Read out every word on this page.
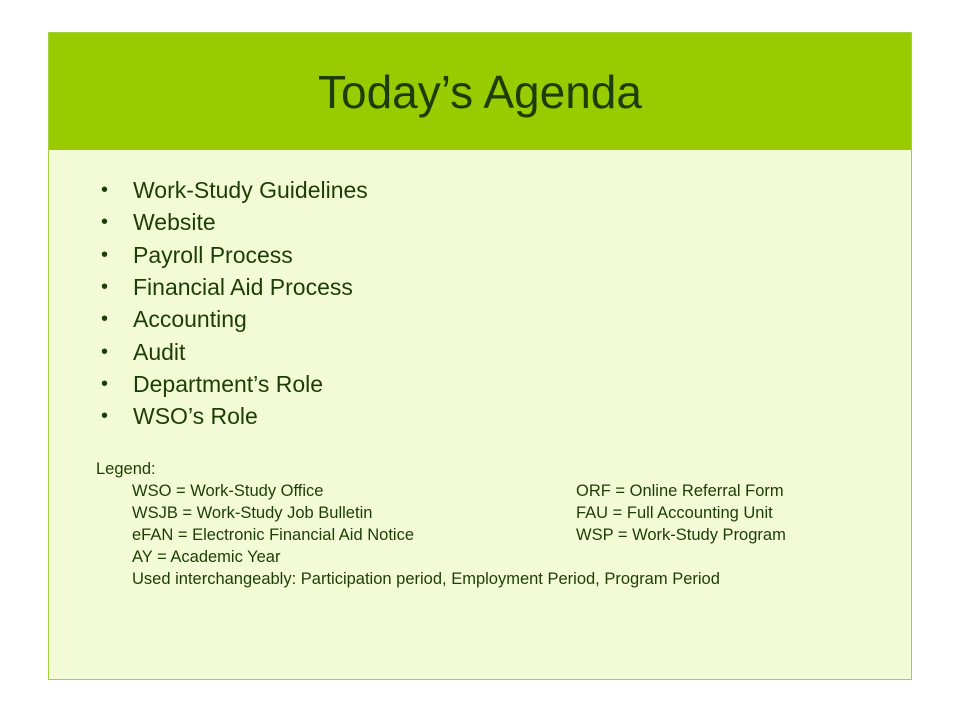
Today’s Agenda
•	Work-Study Guidelines
•	Website
•	Payroll Process
•	Financial Aid Process
•	Accounting
•	Audit
•	Department’s Role
•	WSO’s Role
Legend:
WSO = Work-Study Office	ORF = Online Referral Form
WSJB = Work-Study Job Bulletin	FAU = Full Accounting Unit
eFAN = Electronic Financial Aid Notice	WSP = Work-Study Program
AY = Academic Year
Used interchangeably: Participation period, Employment Period, Program Period
